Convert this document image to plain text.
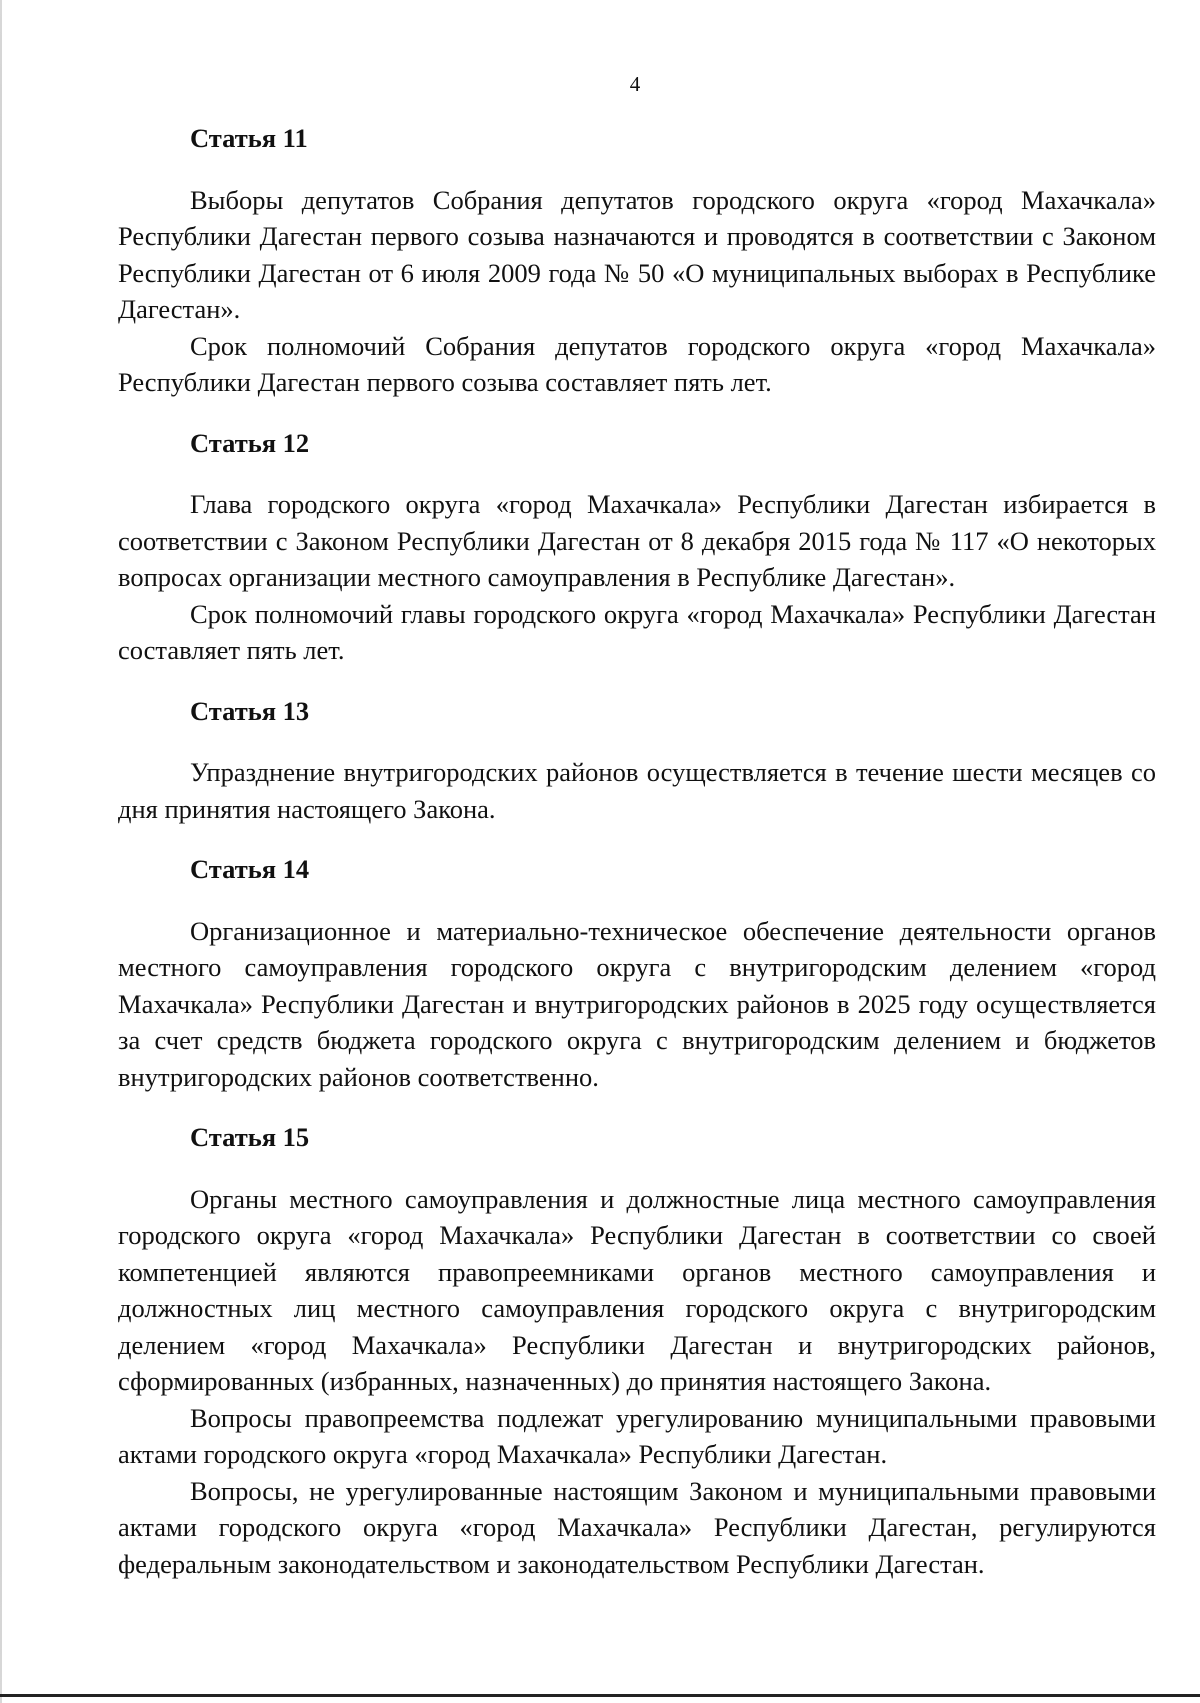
4
Статья 11

Выборы депутатов Собрания депутатов городского округа «город Махачкала» Республики Дагестан первого созыва назначаются и проводятся в соответствии с Законом Республики Дагестан от 6 июля 2009 года № 50 «О муниципальных выборах в Республике Дагестан».

Срок полномочий Собрания депутатов городского округа «город Махачкала» Республики Дагестан первого созыва составляет пять лет.

Статья 12

Глава городского округа «город Махачкала» Республики Дагестан избирается в соответствии с Законом Республики Дагестан от 8 декабря 2015 года № 117 «О некоторых вопросах организации местного самоуправления в Республике Дагестан».

Срок полномочий главы городского округа «город Махачкала» Республики Дагестан составляет пять лет.

Статья 13

Упразднение внутригородских районов осуществляется в течение шести месяцев со дня принятия настоящего Закона.

Статья 14

Организационное и материально-техническое обеспечение деятельности органов местного самоуправления городского округа с внутригородским делением «город Махачкала» Республики Дагестан и внутригородских районов в 2025 году осуществляется за счет средств бюджета городского округа с внутригородским делением и бюджетов внутригородских районов соответственно.

Статья 15

Органы местного самоуправления и должностные лица местного самоуправления городского округа «город Махачкала» Республики Дагестан в соответствии со своей компетенцией являются правопреемниками органов местного самоуправления и должностных лиц местного самоуправления городского округа с внутригородским делением «город Махачкала» Республики Дагестан и внутригородских районов, сформированных (избранных, назначенных) до принятия настоящего Закона.

Вопросы правопреемства подлежат урегулированию муниципальными правовыми актами городского округа «город Махачкала» Республики Дагестан.

Вопросы, не урегулированные настоящим Законом и муниципальными правовыми актами городского округа «город Махачкала» Республики Дагестан, регулируются федеральным законодательством и законодательством Республики Дагестан.
